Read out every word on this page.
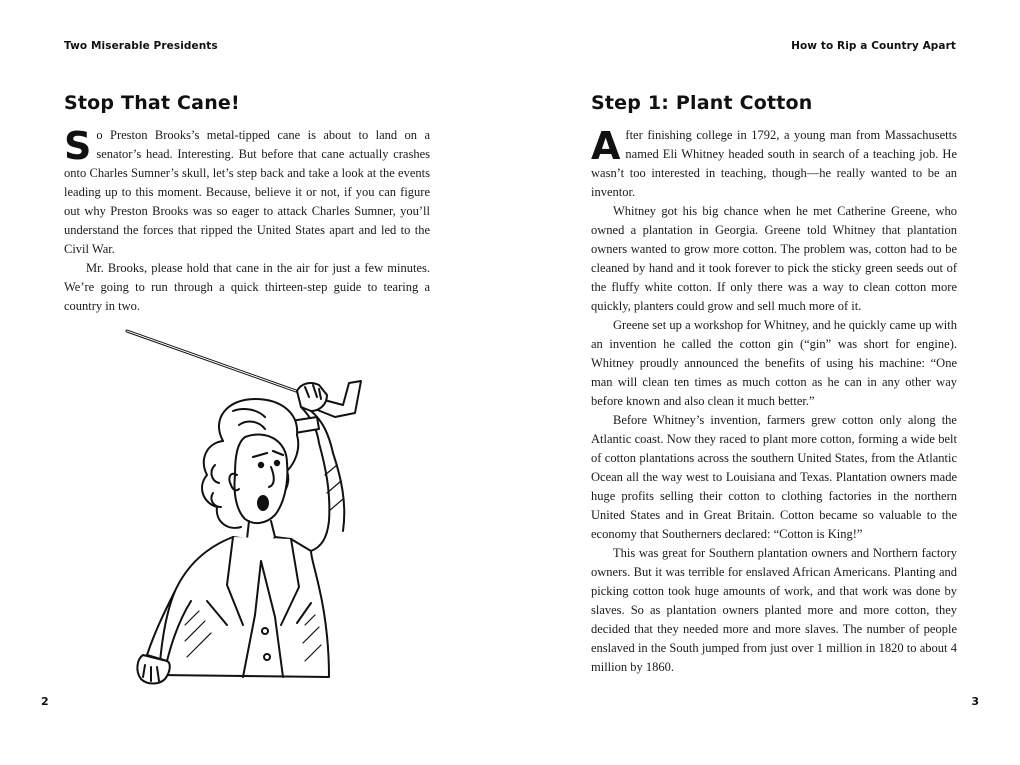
Two Miserable Presidents
Stop That Cane!

So Preston Brooks’s metal-tipped cane is about to land on a senator’s head. Interesting. But before that cane actually crashes onto Charles Sumner’s skull, let’s step back and take a look at the events leading up to this moment. Because, believe it or not, if you can figure out why Preston Brooks was so eager to attack Charles Sumner, you’ll understand the forces that ripped the United States apart and led to the Civil War.

Mr. Brooks, please hold that cane in the air for just a few minutes. We’re going to run through a quick thirteen-step guide to tearing a country in two.

2
How to Rip a Country Apart
Step 1: Plant Cotton

After finishing college in 1792, a young man from Massachusetts named Eli Whitney headed south in search of a teaching job. He wasn’t too interested in teaching, though—he really wanted to be an inventor.

Whitney got his big chance when he met Catherine Greene, who owned a plantation in Georgia. Greene told Whitney that plantation owners wanted to grow more cotton. The problem was, cotton had to be cleaned by hand and it took forever to pick the sticky green seeds out of the fluffy white cotton. If only there was a way to clean cotton more quickly, planters could grow and sell much more of it.

Greene set up a workshop for Whitney, and he quickly came up with an invention he called the cotton gin (“gin” was short for engine). Whitney proudly announced the benefits of using his machine: “One man will clean ten times as much cotton as he can in any other way before known and also clean it much better.”

Before Whitney’s invention, farmers grew cotton only along the Atlantic coast. Now they raced to plant more cotton, forming a wide belt of cotton plantations across the southern United States, from the Atlantic Ocean all the way west to Louisiana and Texas. Plantation owners made huge profits selling their cotton to clothing factories in the northern United States and in Great Britain. Cotton became so valuable to the economy that Southerners declared: “Cotton is King!”

This was great for Southern plantation owners and Northern factory owners. But it was terrible for enslaved African Americans. Planting and picking cotton took huge amounts of work, and that work was done by slaves. So as plantation owners planted more and more cotton, they decided that they needed more and more slaves. The number of people enslaved in the South jumped from just over 1 million in 1820 to about 4 million by 1860.

3
